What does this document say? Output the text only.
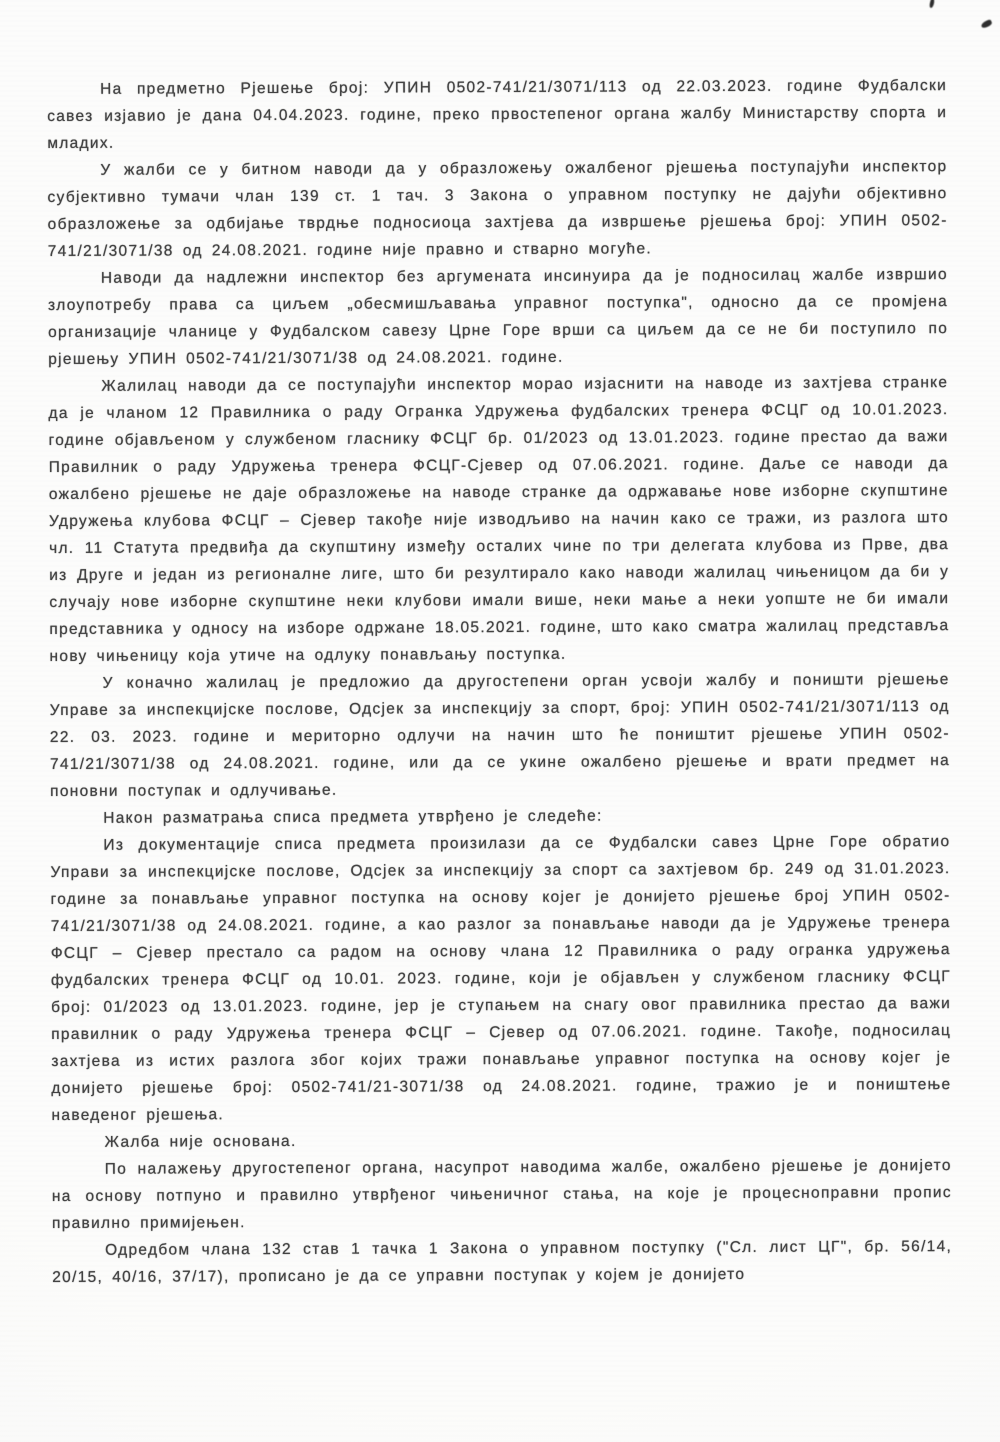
На предметно Рјешење број: УПИН 0502-741/21/3071/113 од 22.03.2023. године Фудбалски савез изјавио је дана 04.04.2023. године, преко првостепеног органа жалбу Министарству спорта и младих.

У жалби се у битном наводи да у образложењу ожалбеног рјешења поступајући инспектор субјективно тумачи члан 139 ст. 1 тач. 3 Закона о управном поступку не дајући објективно образложење за одбијање тврдње подносиоца захтјева да извршење рјешења број: УПИН 0502-741/21/3071/38 од 24.08.2021. године није правно и стварно могуће.

Наводи да надлежни инспектор без аргумената инсинуира да је подносилац жалбе извршио злоупотребу права са циљем „обесмишљавања управног поступка", односно да се промјена организације чланице у Фудбалском савезу Црне Горе врши са циљем да се не би поступило по рјешењу УПИН 0502-741/21/3071/38 од 24.08.2021. године.

Жалилац наводи да се поступајући инспектор морао изјаснити на наводе из захтјева странке да је чланом 12 Правилника о раду Огранка Удружења фудбалских тренера ФСЦГ од 10.01.2023. године објављеном у службеном гласнику ФСЦГ бр. 01/2023 од 13.01.2023. године престао да важи Правилник о раду Удружења тренера ФСЦГ-Сјевер од 07.06.2021. године. Даље се наводи да ожалбено рјешење не даје образложење на наводе странке да одржавање нове изборне скупштине Удружења клубова ФСЦГ – Сјевер такође није изводљиво на начин како се тражи, из разлога што чл. 11 Статута предвиђа да скупштину између осталих чине по три делегата клубова из Прве, два из Друге и један из регионалне лиге, што би резултирало како наводи жалилац чињеницом да би у случају нове изборне скупштине неки клубови имали више, неки мање а неки уопште не би имали представника у односу на изборе одржане 18.05.2021. године, што како сматра жалилац представља нову чињеницу која утиче на одлуку понављању поступка.

У коначно жалилац је предложио да другостепени орган усвоји жалбу и поништи рјешење Управе за инспекцијске послове, Одсјек за инспекцију за спорт, број: УПИН 0502-741/21/3071/113 од 22. 03. 2023. године и мериторно одлучи на начин што ће поништит рјешење УПИН 0502-741/21/3071/38 од 24.08.2021. године, или да се укине ожалбено рјешење и врати предмет на поновни поступак и одлучивање.

Након разматрања списа предмета утврђено је следеће:

Из документације списа предмета произилази да се Фудбалски савез Црне Горе обратио Управи за инспекцијске послове, Одсјек за инспекцију за спорт са захтјевом бр. 249 од 31.01.2023. године за понављање управног поступка на основу којег је донијето рјешење број УПИН 0502-741/21/3071/38 од 24.08.2021. године, а као разлог за понављање наводи да је Удружење тренера ФСЦГ – Сјевер престало са радом на основу члана 12 Правилника о раду огранка удружења фудбалских тренера ФСЦГ од 10.01. 2023. године, који је објављен у службеном гласнику ФСЦГ број: 01/2023 од 13.01.2023. године, јер је ступањем на снагу овог правилника престао да важи правилник о раду Удружења тренера ФСЦГ – Сјевер од 07.06.2021. године. Такође, подносилац захтјева из истих разлога због којих тражи понављање управног поступка на основу којег је донијето рјешење број: 0502-741/21-3071/38 од 24.08.2021. године, тражио је и поништење наведеног рјешења.

Жалба није основана.

По налажењу другостепеног органа, насупрот наводима жалбе, ожалбено рјешење је донијето на основу потпуно и правилно утврђеног чињеничног стања, на које је процесноправни пропис правилно примијењен.

Одредбом члана 132 став 1 тачка 1 Закона о управном поступку ("Сл. лист ЦГ", бр. 56/14, 20/15, 40/16, 37/17), прописано је да се управни поступак у којем је донијето
